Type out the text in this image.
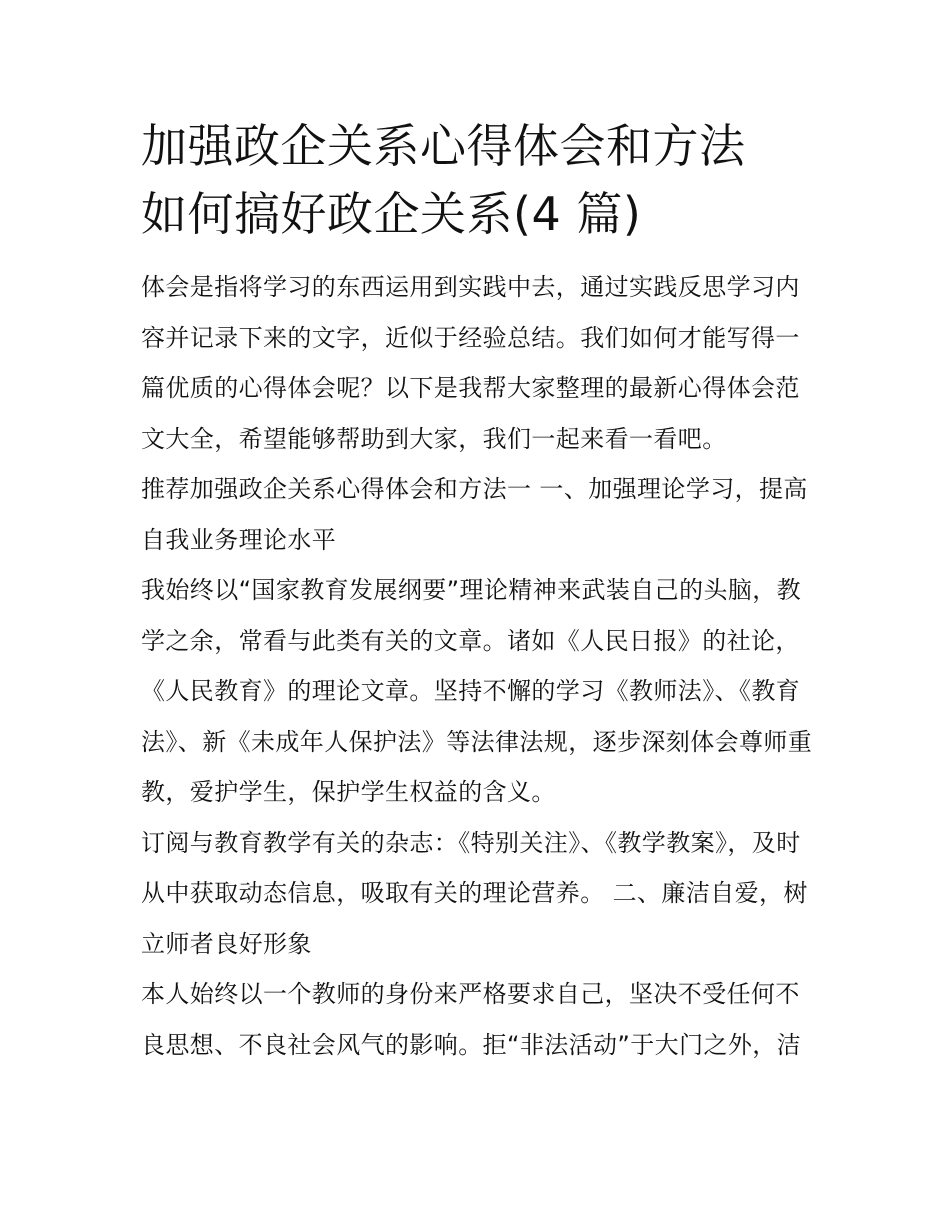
加强政企关系心得体会和方法
如何搞好政企关系(4 篇)

体会是指将学习的东西运用到实践中去，通过实践反思学习内容并记录下来的文字，近似于经验总结。我们如何才能写得一篇优质的心得体会呢？以下是我帮大家整理的最新心得体会范文大全，希望能够帮助到大家，我们一起来看一看吧。

推荐加强政企关系心得体会和方法一 一、加强理论学习，提高自我业务理论水平

我始终以“国家教育发展纲要”理论精神来武装自己的头脑，教学之余，常看与此类有关的文章。诸如《人民日报》的社论，《人民教育》的理论文章。坚持不懈的学习《教师法》、《教育法》、新《未成年人保护法》等法律法规，逐步深刻体会尊师重教，爱护学生，保护学生权益的含义。

订阅与教育教学有关的杂志：《特别关注》、《教学教案》，及时从中获取动态信息，吸取有关的理论营养。 二、廉洁自爱，树立师者良好形象

本人始终以一个教师的身份来严格要求自己，坚决不受任何不良思想、不良社会风气的影响。拒“非法活动”于大门之外，洁
